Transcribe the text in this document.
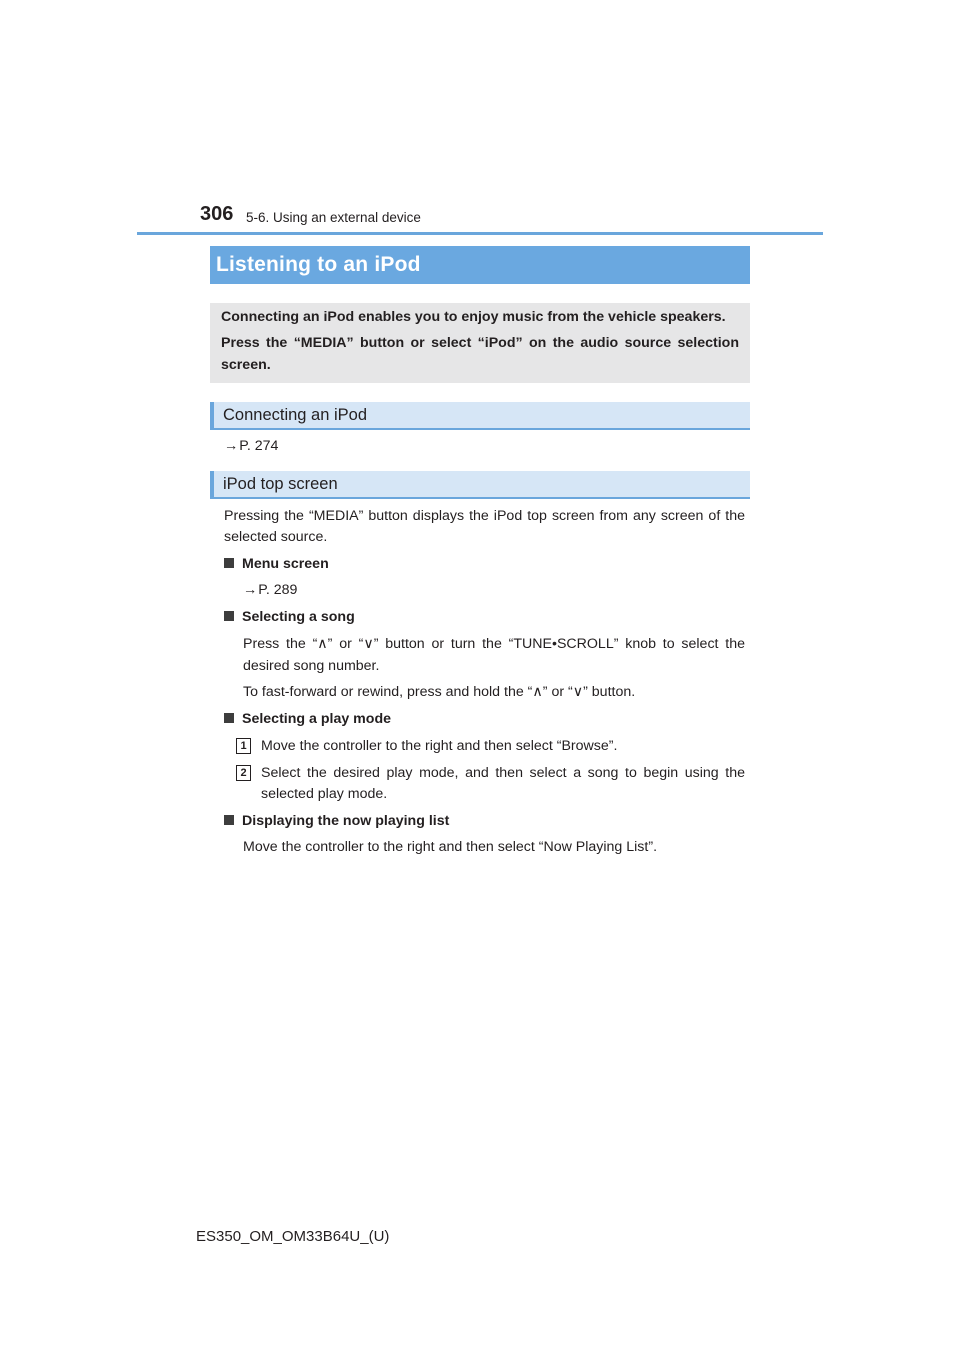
306 5-6. Using an external device
Listening to an iPod
Connecting an iPod enables you to enjoy music from the vehicle speakers.
Press the “MEDIA” button or select “iPod” on the audio source selection
screen.
Connecting an iPod
→P. 274
iPod top screen
Pressing the “MEDIA” button displays the iPod top screen from any screen of the
selected source.
Menu screen
→P. 289
Selecting a song
Press the “∧” or “∨” button or turn the “TUNE•SCROLL” knob to select the
desired song number.
To fast-forward or rewind, press and hold the “∧” or “∨” button.
Selecting a play mode
1	Move the controller to the right and then select “Browse”.
2	Select the desired play mode, and then select a song to begin using the
selected play mode.
Displaying the now playing list
Move the controller to the right and then select “Now Playing List”.
ES350_OM_OM33B64U_(U)
